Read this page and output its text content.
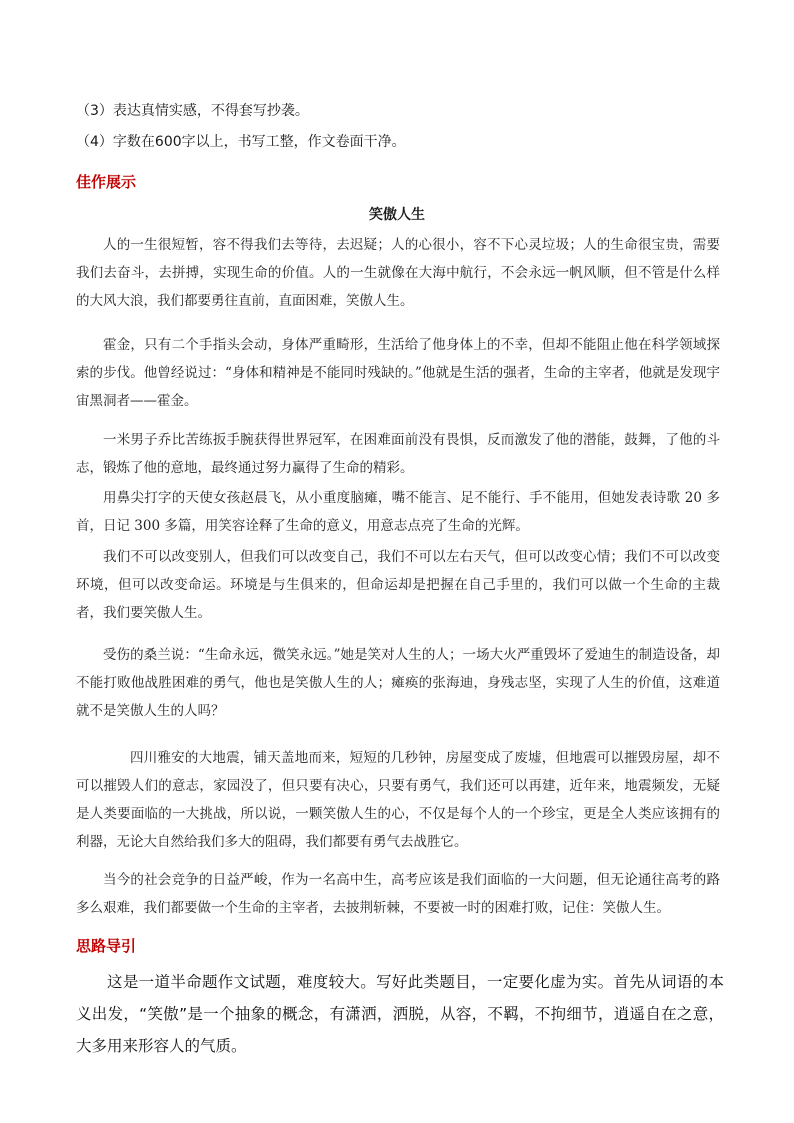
（3）表达真情实感，不得套写抄袭。
（4）字数在600字以上，书写工整，作文卷面干净。
佳作展示
笑傲人生
人的一生很短暂，容不得我们去等待，去迟疑；人的心很小，容不下心灵垃圾；人的生命很宝贵，需要我们去奋斗，去拼搏，实现生命的价值。人的一生就像在大海中航行，不会永远一帆风顺，但不管是什么样的大风大浪，我们都要勇往直前，直面困难，笑傲人生。
霍金，只有二个手指头会动，身体严重畸形，生活给了他身体上的不幸，但却不能阻止他在科学领域探索的步伐。他曾经说过：“身体和精神是不能同时残缺的。”他就是生活的强者，生命的主宰者，他就是发现宇宙黑洞者——霍金。
一米男子乔比苦练扳手腕获得世界冠军，在困难面前没有畏惧，反而激发了他的潜能，鼓舞，了他的斗志，锻炼了他的意地，最终通过努力赢得了生命的精彩。
用鼻尖打字的天使女孩赵晨飞，从小重度脑瘫，嘴不能言、足不能行、手不能用，但她发表诗歌 20 多首，日记 300 多篇，用笑容诠释了生命的意义，用意志点亮了生命的光辉。
我们不可以改变别人，但我们可以改变自己，我们不可以左右天气，但可以改变心情；我们不可以改变环境，但可以改变命运。环境是与生俱来的，但命运却是把握在自己手里的，我们可以做一个生命的主裁者，我们要笑傲人生。
受伤的桑兰说：“生命永远，微笑永远。”她是笑对人生的人；一场大火严重毁坏了爱迪生的制造设备，却不能打败他战胜困难的勇气，他也是笑傲人生的人；瘫痪的张海迪，身残志坚，实现了人生的价值，这难道就不是笑傲人生的人吗？
四川雅安的大地震，铺天盖地而来，短短的几秒钟，房屋变成了废墟，但地震可以摧毁房屋，却不可以摧毁人们的意志，家园没了，但只要有决心，只要有勇气，我们还可以再建，近年来，地震频发，无疑是人类要面临的一大挑战，所以说，一颗笑傲人生的心，不仅是每个人的一个珍宝，更是全人类应该拥有的利器，无论大自然给我们多大的阻碍，我们都要有勇气去战胜它。
当今的社会竞争的日益严峻，作为一名高中生，高考应该是我们面临的一大问题，但无论通往高考的路多么艰难，我们都要做一个生命的主宰者，去披荆斩棘，不要被一时的困难打败，记住：笑傲人生。
思路导引
这是一道半命题作文试题，难度较大。写好此类题目，一定要化虚为实。首先从词语的本义出发，“笑傲”是一个抽象的概念，有潇洒，洒脱，从容，不羁，不拘细节，逍遥自在之意，大多用来形容人的气质。
